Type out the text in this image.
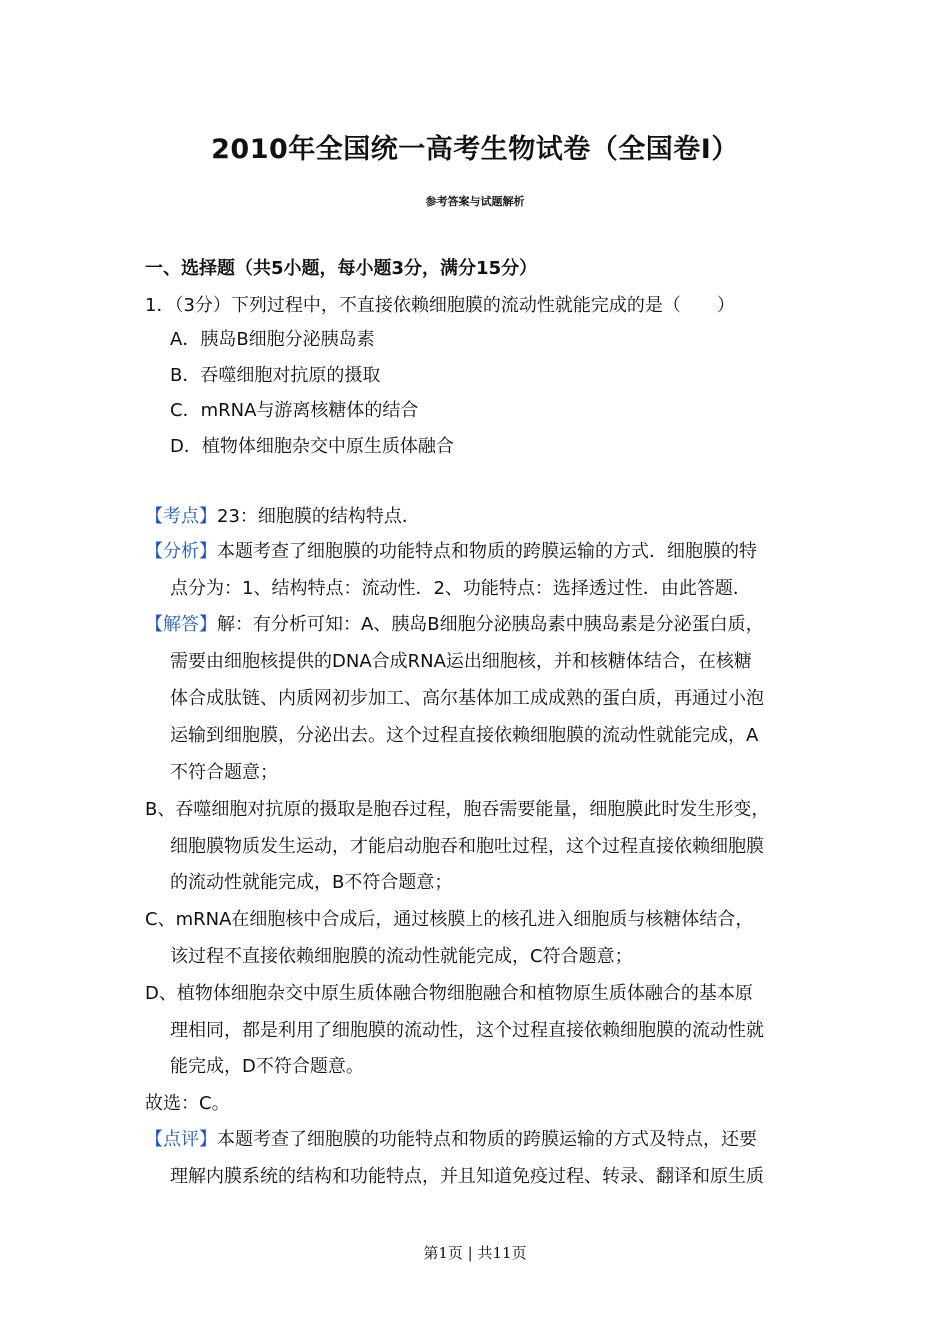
2010年全国统一高考生物试卷（全国卷Ⅰ）
参考答案与试题解析
一、选择题（共5小题，每小题3分，满分15分）
1．（3分）下列过程中，不直接依赖细胞膜的流动性就能完成的是（　　）
A．胰岛B细胞分泌胰岛素
B．吞噬细胞对抗原的摄取
C．mRNA与游离核糖体的结合
D．植物体细胞杂交中原生质体融合
【考点】23：细胞膜的结构特点．
【分析】本题考查了细胞膜的功能特点和物质的跨膜运输的方式．细胞膜的特
点分为：1、结构特点：流动性．2、功能特点：选择透过性．由此答题．
【解答】解：有分析可知：A、胰岛B细胞分泌胰岛素中胰岛素是分泌蛋白质，
需要由细胞核提供的DNA合成RNA运出细胞核，并和核糖体结合，在核糖
体合成肽链、内质网初步加工、高尔基体加工成成熟的蛋白质，再通过小泡
运输到细胞膜，分泌出去。这个过程直接依赖细胞膜的流动性就能完成，A
不符合题意；
B、吞噬细胞对抗原的摄取是胞吞过程，胞吞需要能量，细胞膜此时发生形变，
细胞膜物质发生运动，才能启动胞吞和胞吐过程，这个过程直接依赖细胞膜
的流动性就能完成，B不符合题意；
C、mRNA在细胞核中合成后，通过核膜上的核孔进入细胞质与核糖体结合，
该过程不直接依赖细胞膜的流动性就能完成，C符合题意；
D、植物体细胞杂交中原生质体融合物细胞融合和植物原生质体融合的基本原
理相同，都是利用了细胞膜的流动性，这个过程直接依赖细胞膜的流动性就
能完成，D不符合题意。
故选：C。
【点评】本题考查了细胞膜的功能特点和物质的跨膜运输的方式及特点，还要
理解内膜系统的结构和功能特点，并且知道免疫过程、转录、翻译和原生质
第1页 | 共11页
